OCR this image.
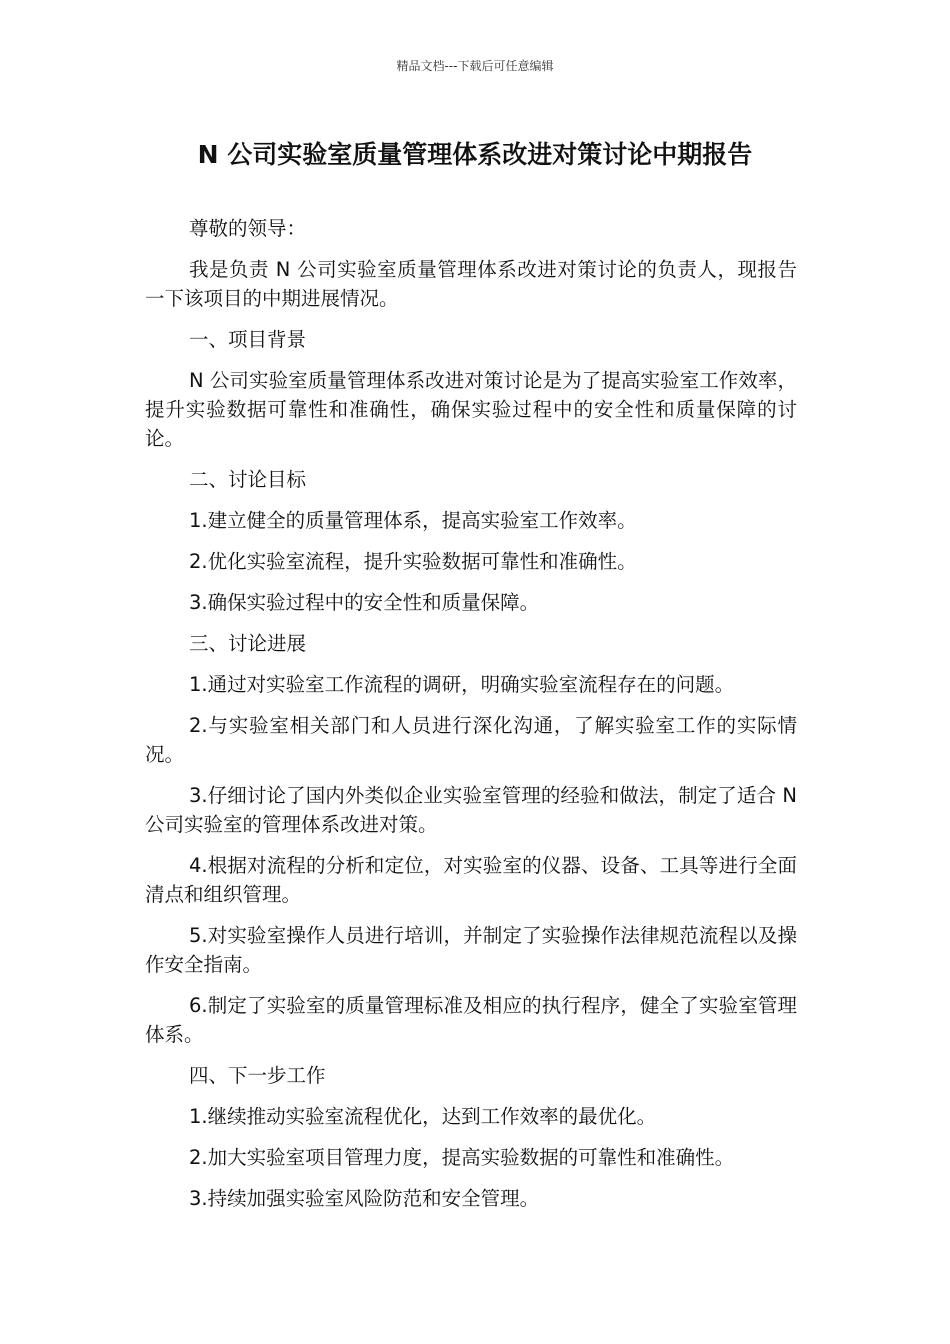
精品文档---下载后可任意编辑
N 公司实验室质量管理体系改进对策讨论中期报告

尊敬的领导：

我是负责 N 公司实验室质量管理体系改进对策讨论的负责人，现报告一下该项目的中期进展情况。

一、项目背景

N 公司实验室质量管理体系改进对策讨论是为了提高实验室工作效率，提升实验数据可靠性和准确性，确保实验过程中的安全性和质量保障的讨论。

二、讨论目标

1.建立健全的质量管理体系，提高实验室工作效率。

2.优化实验室流程，提升实验数据可靠性和准确性。

3.确保实验过程中的安全性和质量保障。

三、讨论进展

1.通过对实验室工作流程的调研，明确实验室流程存在的问题。

2.与实验室相关部门和人员进行深化沟通，了解实验室工作的实际情况。

3.仔细讨论了国内外类似企业实验室管理的经验和做法，制定了适合 N 公司实验室的管理体系改进对策。

4.根据对流程的分析和定位，对实验室的仪器、设备、工具等进行全面清点和组织管理。

5.对实验室操作人员进行培训，并制定了实验操作法律规范流程以及操作安全指南。

6.制定了实验室的质量管理标准及相应的执行程序，健全了实验室管理体系。

四、下一步工作

1.继续推动实验室流程优化，达到工作效率的最优化。

2.加大实验室项目管理力度，提高实验数据的可靠性和准确性。

3.持续加强实验室风险防范和安全管理。
